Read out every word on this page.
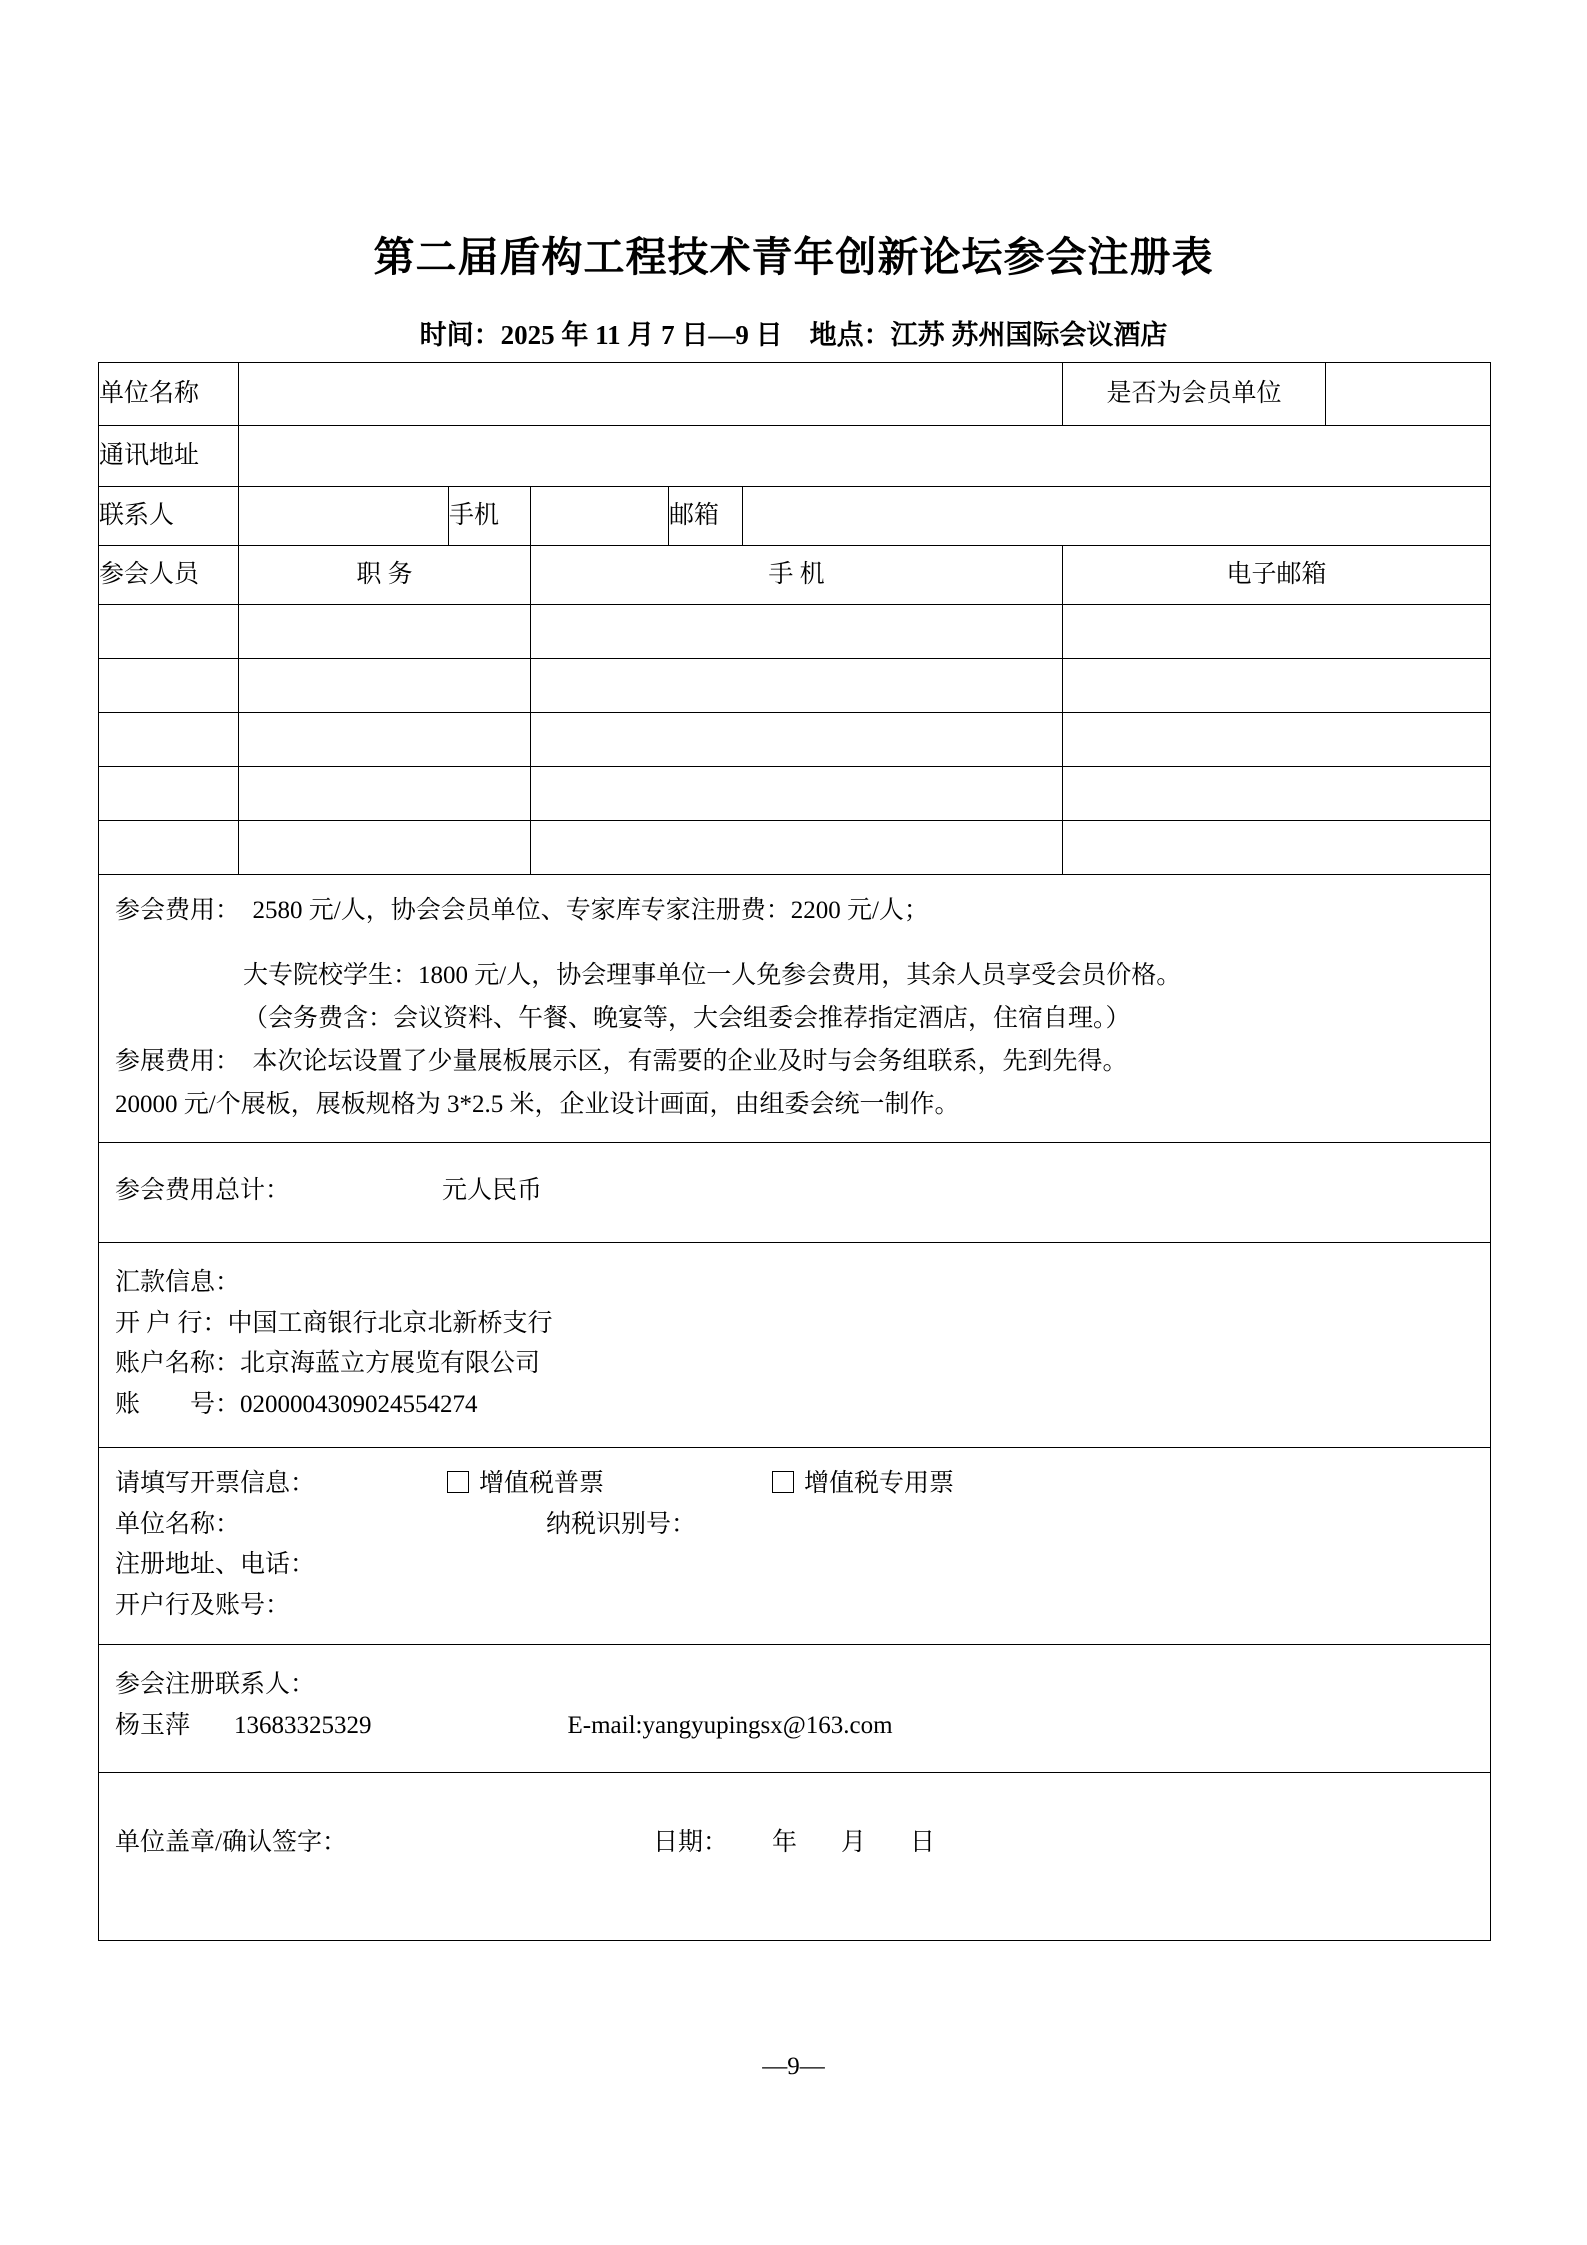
第二届盾构工程技术青年创新论坛参会注册表
时间：2025 年 11 月 7 日—9 日　地点：江苏 苏州国际会议酒店
单位名称						是否为会员单位	
通讯地址							
联系人		手机		邮箱			
参会人员	职 务		手 机			电子邮箱	

参会费用：　2580 元/人，协会会员单位、专家库专家注册费：2200 元/人；
大专院校学生：1800 元/人，协会理事单位一人免参会费用，其余人员享受会员价格。
（会务费含：会议资料、午餐、晚宴等，大会组委会推荐指定酒店，住宿自理。）
参展费用：　本次论坛设置了少量展板展示区，有需要的企业及时与会务组联系，先到先得。
20000 元/个展板，展板规格为 3*2.5 米，企业设计画面，由组委会统一制作。							

参会费用总计： 元人民币							

汇款信息：
开 户 行：中国工商银行北京北新桥支行
账户名称：北京海蓝立方展览有限公司
账　　号：0200004309024554274							

请填写开票信息： 增值税普票 增值税专用票
单位名称： 纳税识别号：
注册地址、电话：
开户行及账号：							

参会注册联系人：
杨玉萍 13683325329 E-mail:yangyupingsx@163.com							

单位盖章/确认签字： 日期： 年 月 日							
—9—
